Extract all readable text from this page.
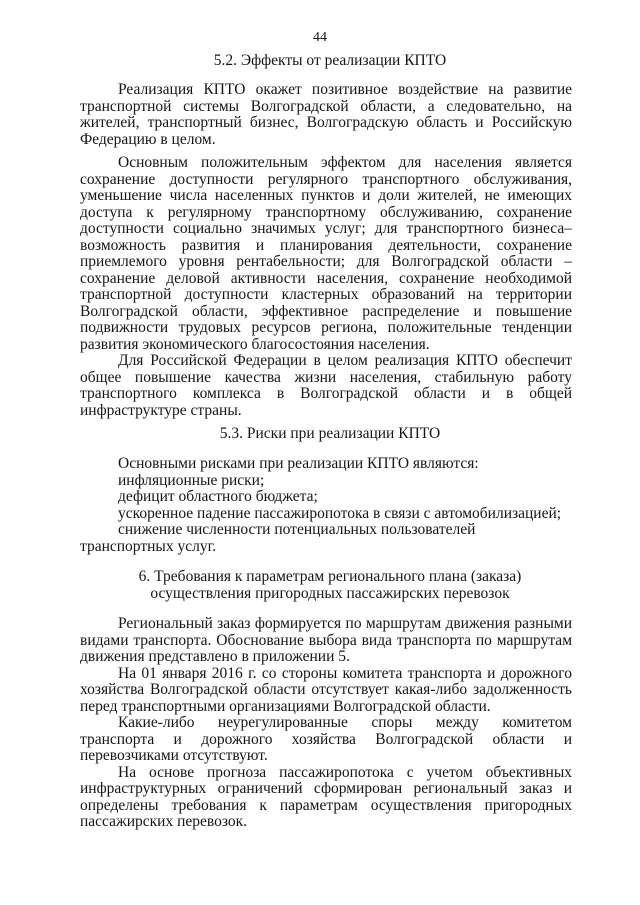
44
5.2. Эффекты от реализации КПТО

Реализация КПТО окажет позитивное воздействие на развитие транспортной системы Волгоградской области, а следовательно, на жителей, транспортный бизнес, Волгоградскую область и Российскую Федерацию в целом.

Основным положительным эффектом для населения является сохранение доступности регулярного транспортного обслуживания, уменьшение числа населенных пунктов и доли жителей, не имеющих доступа к регулярному транспортному обслуживанию, сохранение доступности социально значимых услуг; для транспортного бизнеса– возможность развития и планирования деятельности, сохранение приемлемого уровня рентабельности; для Волгоградской области – сохранение деловой активности населения, сохранение необходимой транспортной доступности кластерных образований на территории Волгоградской области, эффективное распределение и повышение подвижности трудовых ресурсов региона, положительные тенденции развития экономического благосостояния населения.

Для Российской Федерации в целом реализация КПТО обеспечит общее повышение качества жизни населения, стабильную работу транспортного комплекса в Волгоградской области и в общей инфраструктуре страны.

5.3. Риски при реализации КПТО

Основными рисками при реализации КПТО являются:

инфляционные риски;

дефицит областного бюджета;

ускоренное падение пассажиропотока в связи с автомобилизацией;

снижение численности потенциальных пользователей транспортных услуг.

6. Требования к параметрам регионального плана (заказа)
осуществления пригородных пассажирских перевозок

Региональный заказ формируется по маршрутам движения разными видами транспорта. Обоснование выбора вида транспорта по маршрутам движения представлено в приложении 5.

На 01 января 2016 г. со стороны комитета транспорта и дорожного хозяйства Волгоградской области отсутствует какая-либо задолженность перед транспортными организациями Волгоградской области.

Какие-либо неурегулированные споры между комитетом транспорта и дорожного хозяйства Волгоградской области и перевозчиками отсутствуют.

На основе прогноза пассажиропотока с учетом объективных инфраструктурных ограничений сформирован региональный заказ и определены требования к параметрам осуществления пригородных пассажирских перевозок.
